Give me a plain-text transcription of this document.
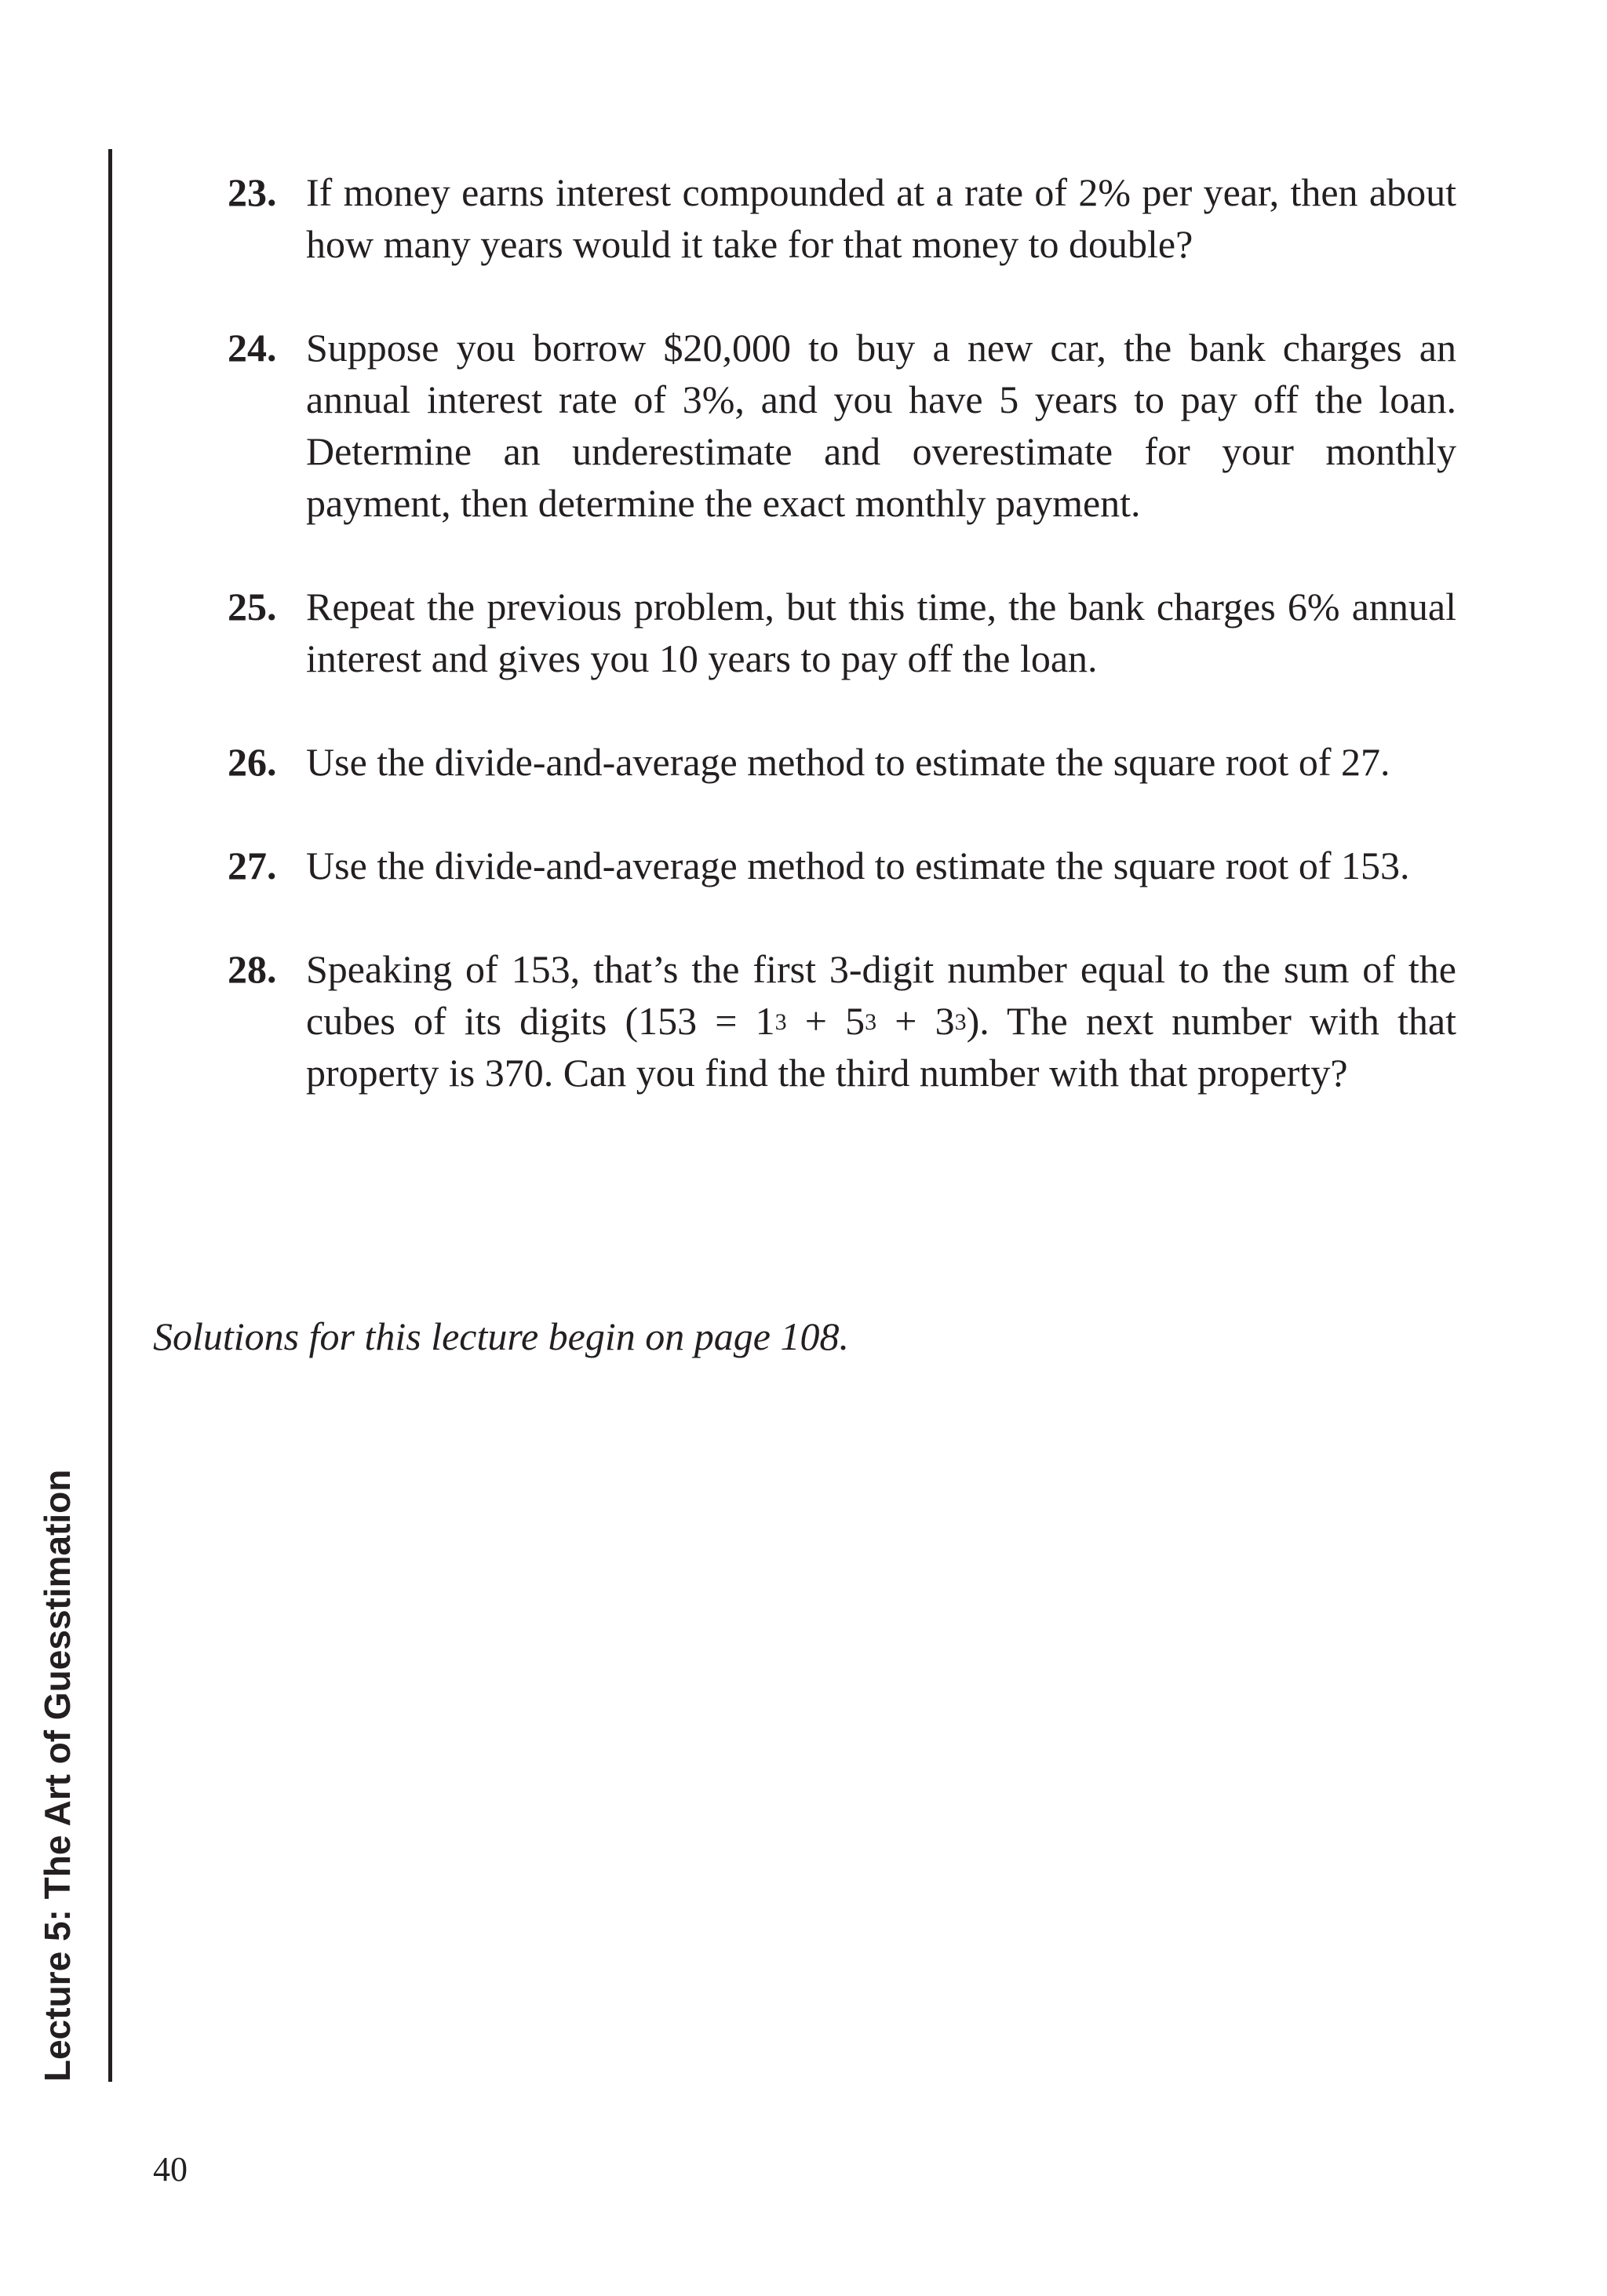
Lecture 5: The Art of Guesstimation
23. If money earns interest compounded at a rate of 2% per year, then about how many years would it take for that money to double?
24. Suppose you borrow $20,000 to buy a new car, the bank charges an annual interest rate of 3%, and you have 5 years to pay off the loan. Determine an underestimate and overestimate for your monthly payment, then determine the exact monthly payment.
25. Repeat the previous problem, but this time, the bank charges 6% annual interest and gives you 10 years to pay off the loan.
26. Use the divide-and-average method to estimate the square root of 27.
27. Use the divide-and-average method to estimate the square root of 153.
28. Speaking of 153, that’s the first 3-digit number equal to the sum of the cubes of its digits $(153 = 1^3 + 5^3 + 3^3)$. The next number with that property is 370. Can you find the third number with that property?
Solutions for this lecture begin on page 108.
40
